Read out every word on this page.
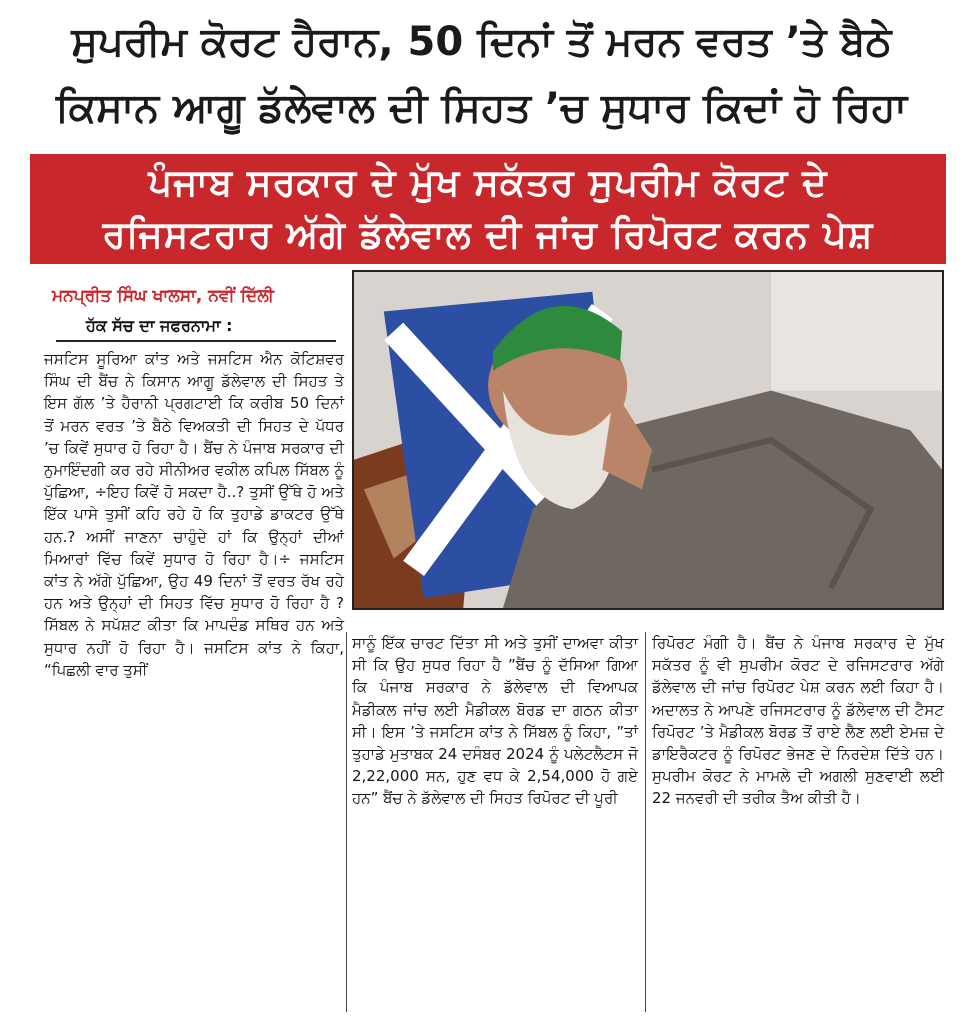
ਸੁਪਰੀਮ ਕੋਰਟ ਹੈਰਾਨ, 50 ਦਿਨਾਂ ਤੋਂ ਮਰਨ ਵਰਤ ’ਤੇ ਬੈਠੇ
ਕਿਸਾਨ ਆਗੂ ਡੱਲੇਵਾਲ ਦੀ ਸਿਹਤ ’ਚ ਸੁਧਾਰ ਕਿਦਾਂ ਹੋ ਰਿਹਾ
ਪੰਜਾਬ ਸਰਕਾਰ ਦੇ ਮੁੱਖ ਸਕੱਤਰ ਸੁਪਰੀਮ ਕੋਰਟ ਦੇ
ਰਜਿਸਟਰਾਰ ਅੱਗੇ ਡੱਲੇਵਾਲ ਦੀ ਜਾਂਚ ਰਿਪੋਰਟ ਕਰਨ ਪੇਸ਼
ਮਨਪ੍ਰੀਤ ਸਿੰਘ ਖਾਲਸਾ, ਨਵੀਂ ਦਿੱਲੀ
ਹੱਕ ਸੱਚ ਦਾ ਜਫਰਨਾਮਾ :

ਜਸਟਿਸ ਸੂਰਿਆ ਕਾਂਤ ਅਤੇ ਜਸਟਿਸ ਐਨ ਕੋਟਿਸ਼ਵਰ ਸਿੰਘ ਦੀ ਬੈਂਚ ਨੇ ਕਿਸਾਨ ਆਗੂ ਡੱਲੇਵਾਲ ਦੀ ਸਿਹਤ ਤੇ ਇਸ ਗੱਲ ’ਤੇ ਹੈਰਾਨੀ ਪ੍ਰਗਟਾਈ ਕਿ ਕਰੀਬ 50 ਦਿਨਾਂ ਤੋਂ ਮਰਨ ਵਰਤ ’ਤੇ ਬੈਠੇ ਵਿਅਕਤੀ ਦੀ ਸਿਹਤ ਦੇ ਪੱਧਰ ’ਚ ਕਿਵੇਂ ਸੁਧਾਰ ਹੋ ਰਿਹਾ ਹੈ। ਬੈਂਚ ਨੇ ਪੰਜਾਬ ਸਰਕਾਰ ਦੀ ਨੁਮਾਇੰਦਗੀ ਕਰ ਰਹੇ ਸੀਨੀਅਰ ਵਕੀਲ ਕਪਿਲ ਸਿੱਬਲ ਨੂੰ ਪੁੱਛਿਆ, ÷ਇਹ ਕਿਵੇਂ ਹੋ ਸਕਦਾ ਹੈ..? ਤੁਸੀਂ ਉੱਥੇ ਹੋ ਅਤੇ ਇੱਕ ਪਾਸੇ ਤੁਸੀਂ ਕਹਿ ਰਹੇ ਹੋ ਕਿ ਤੁਹਾਡੇ ਡਾਕਟਰ ਉੱਥੇ ਹਨ.? ਅਸੀਂ ਜਾਣਨਾ ਚਾਹੁੰਦੇ ਹਾਂ ਕਿ ਉਨ੍ਹਾਂ ਦੀਆਂ ਮਿਆਰਾਂ ਵਿੱਚ ਕਿਵੇਂ ਸੁਧਾਰ ਹੋ ਰਿਹਾ ਹੈ।÷ ਜਸਟਿਸ ਕਾਂਤ ਨੇ ਅੱਗੇ ਪੁੱਛਿਆ, ਉਹ 49 ਦਿਨਾਂ ਤੋਂ ਵਰਤ ਰੱਖ ਰਹੇ ਹਨ ਅਤੇ ਉਨ੍ਹਾਂ ਦੀ ਸਿਹਤ ਵਿੱਚ ਸੁਧਾਰ ਹੋ ਰਿਹਾ ਹੈ ? ਸਿੱਬਲ ਨੇ ਸਪੱਸ਼ਟ ਕੀਤਾ ਕਿ ਮਾਪਦੰਡ ਸਥਿਰ ਹਨ ਅਤੇ ਸੁਧਾਰ ਨਹੀਂ ਹੋ ਰਿਹਾ ਹੈ। ਜਸਟਿਸ ਕਾਂਤ ਨੇ ਕਿਹਾ, “ਪਿਛਲੀ ਵਾਰ ਤੁਸੀਂ

ਸਾਨੂੰ ਇੱਕ ਚਾਰਟ ਦਿੱਤਾ ਸੀ ਅਤੇ ਤੁਸੀਂ ਦਾਅਵਾ ਕੀਤਾ ਸੀ ਕਿ ਉਹ ਸੁਧਰ ਰਿਹਾ ਹੈ ”ਬੈਂਚ ਨੂੰ ਦੱਸਿਆ ਗਿਆ ਕਿ ਪੰਜਾਬ ਸਰਕਾਰ ਨੇ ਡੱਲੇਵਾਲ ਦੀ ਵਿਆਪਕ ਮੈਡੀਕਲ ਜਾਂਚ ਲਈ ਮੈਡੀਕਲ ਬੋਰਡ ਦਾ ਗਠਨ ਕੀਤਾ ਸੀ। ਇਸ ’ਤੇ ਜਸਟਿਸ ਕਾਂਤ ਨੇ ਸਿੱਬਲ ਨੂੰ ਕਿਹਾ, ”ਤਾਂ ਤੁਹਾਡੇ ਮੁਤਾਬਕ 24 ਦਸੰਬਰ 2024 ਨੂੰ ਪਲੇਟਲੈਟਸ ਜੋ 2,22,000 ਸਨ, ਹੁਣ ਵਧ ਕੇ 2,54,000 ਹੋ ਗਏ ਹਨ” ਬੈਂਚ ਨੇ ਡੱਲੇਵਾਲ ਦੀ ਸਿਹਤ ਰਿਪੋਰਟ ਦੀ ਪੂਰੀ

ਰਿਪੋਰਟ ਮੰਗੀ ਹੈ। ਬੈਂਚ ਨੇ ਪੰਜਾਬ ਸਰਕਾਰ ਦੇ ਮੁੱਖ ਸਕੱਤਰ ਨੂੰ ਵੀ ਸੁਪਰੀਮ ਕੋਰਟ ਦੇ ਰਜਿਸਟਰਾਰ ਅੱਗੇ ਡੱਲੇਵਾਲ ਦੀ ਜਾਂਚ ਰਿਪੋਰਟ ਪੇਸ਼ ਕਰਨ ਲਈ ਕਿਹਾ ਹੈ। ਅਦਾਲਤ ਨੇ ਆਪਣੇ ਰਜਿਸਟਰਾਰ ਨੂੰ ਡੱਲੇਵਾਲ ਦੀ ਟੈਸਟ ਰਿਪੋਰਟ ’ਤੇ ਮੈਡੀਕਲ ਬੋਰਡ ਤੋਂ ਰਾਏ ਲੈਣ ਲਈ ਏਮਜ਼ ਦੇ ਡਾਇਰੈਕਟਰ ਨੂੰ ਰਿਪੋਰਟ ਭੇਜਣ ਦੇ ਨਿਰਦੇਸ਼ ਦਿੱਤੇ ਹਨ। ਸੁਪਰੀਮ ਕੋਰਟ ਨੇ ਮਾਮਲੇ ਦੀ ਅਗਲੀ ਸੁਣਵਾਈ ਲਈ 22 ਜਨਵਰੀ ਦੀ ਤਰੀਕ ਤੈਅ ਕੀਤੀ ਹੈ।
